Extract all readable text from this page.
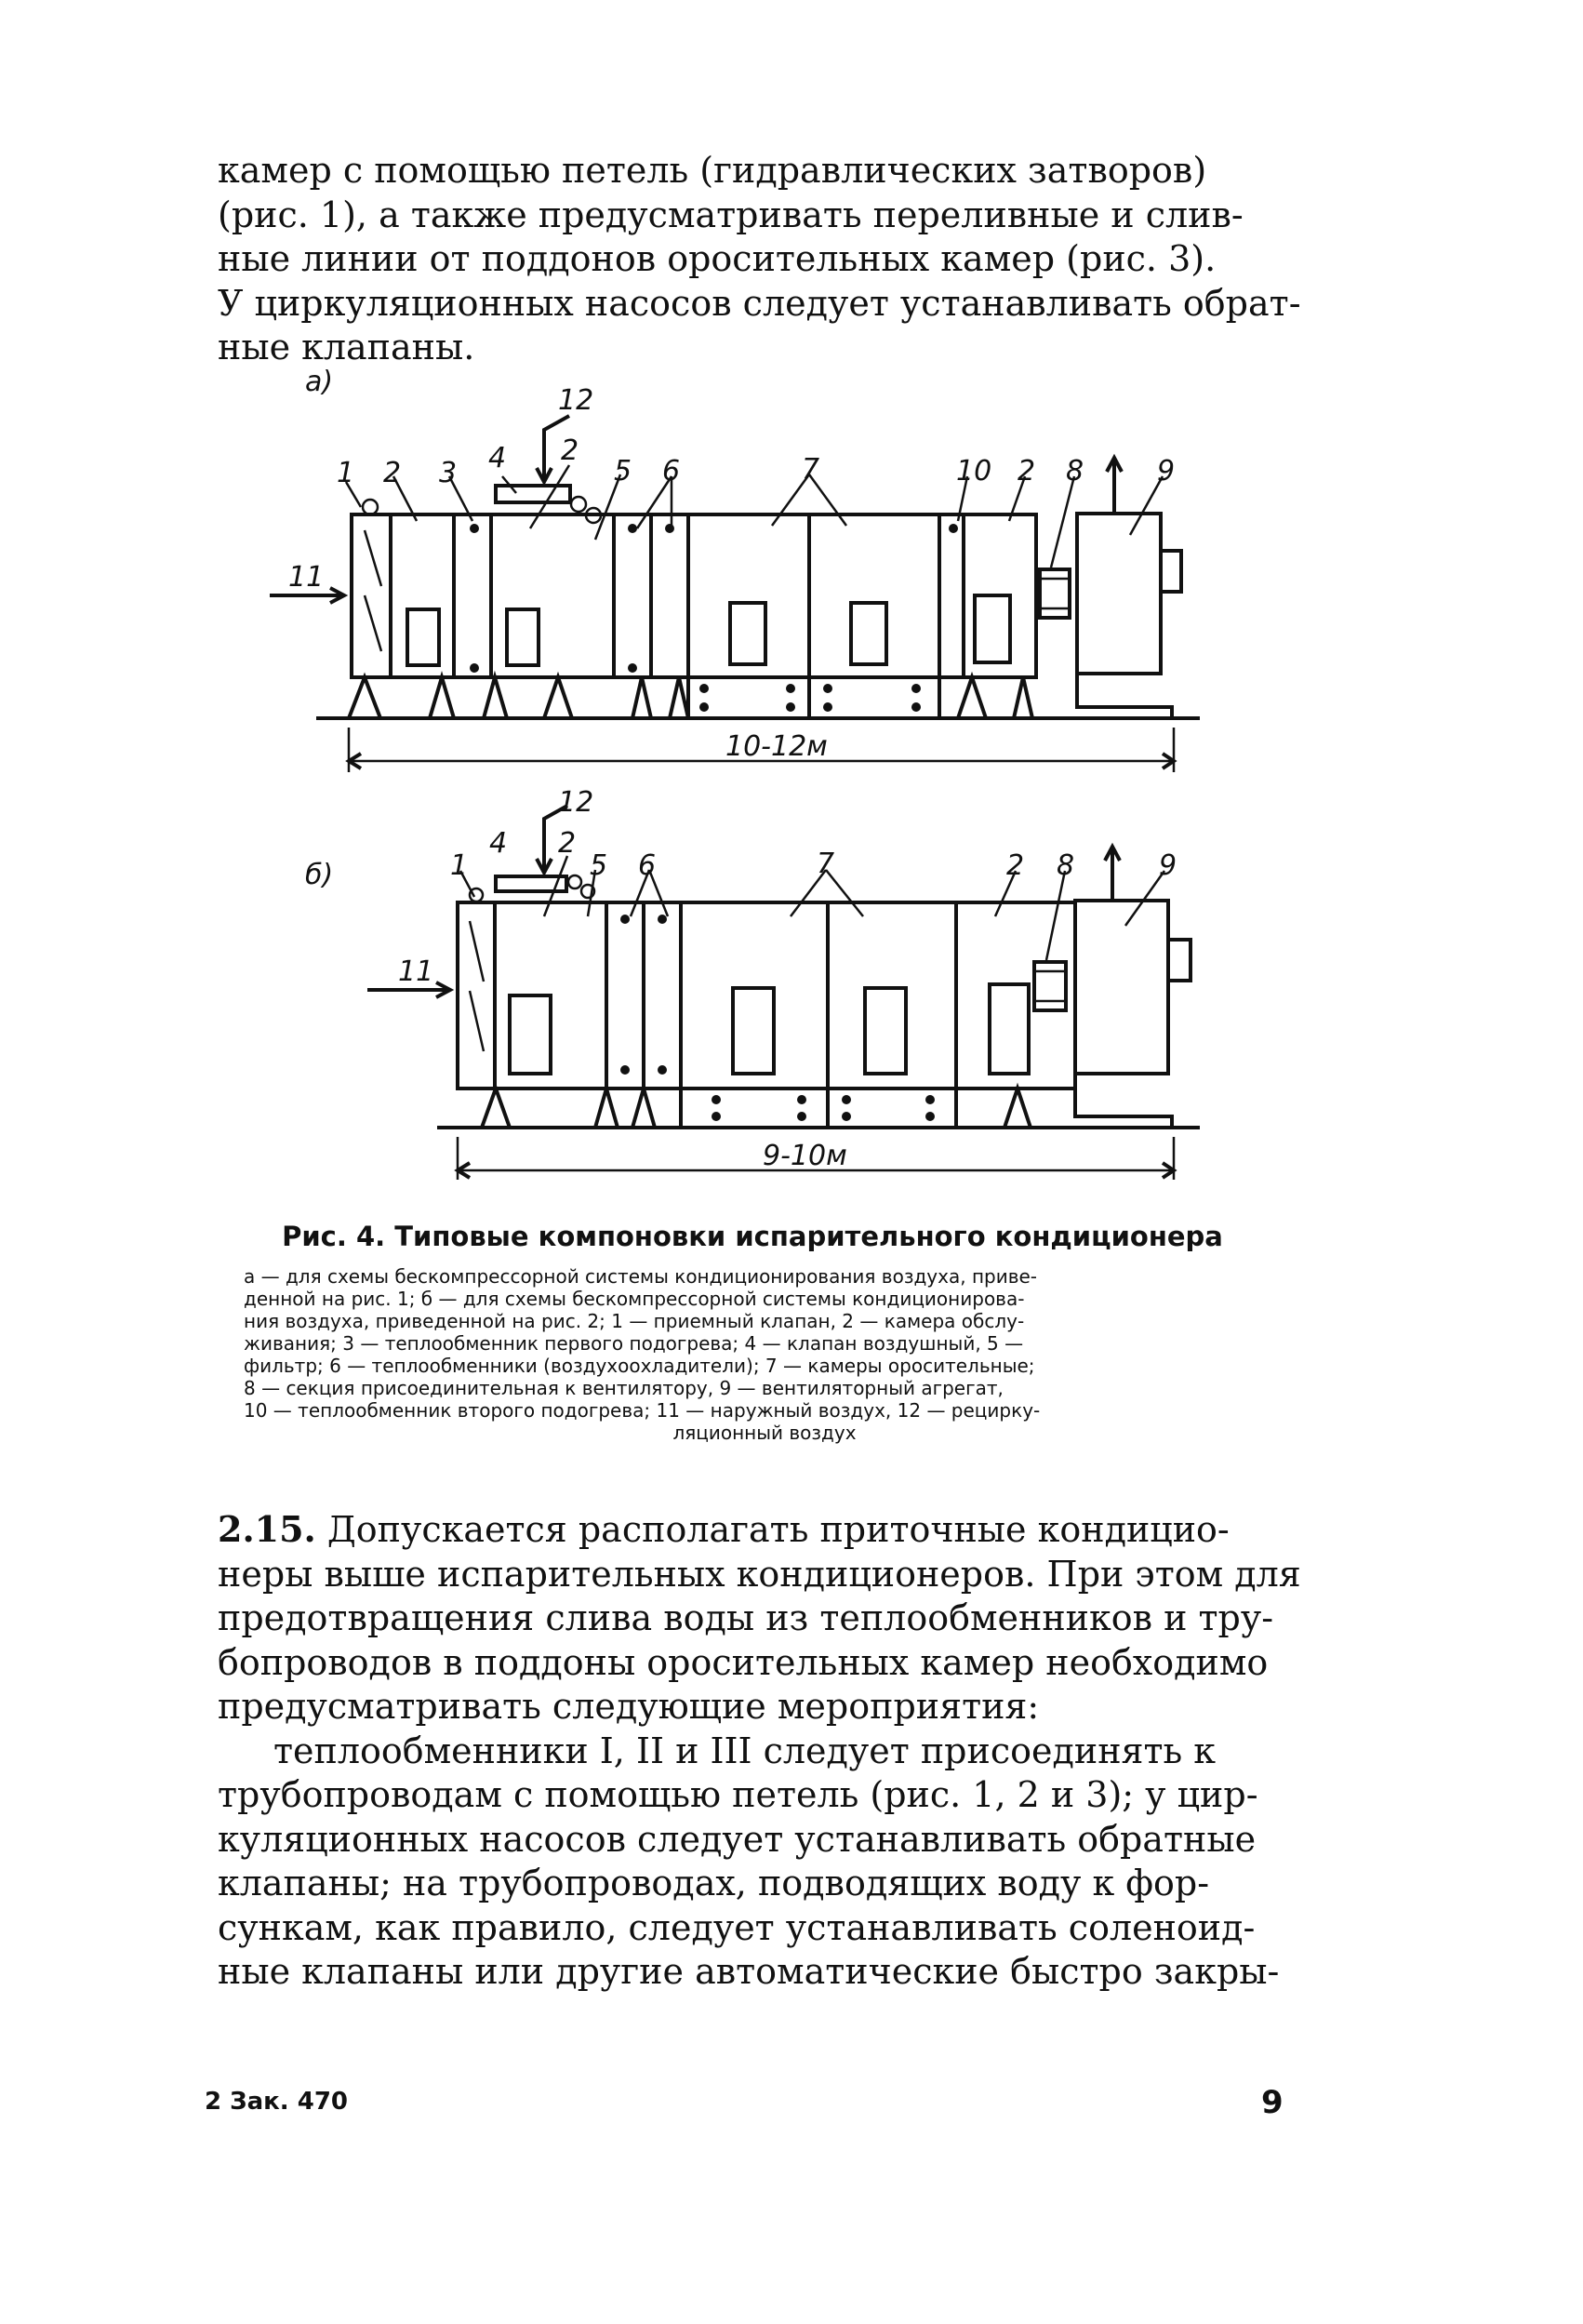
камер с помощью петель (гидравлических затворов)
(рис. 1), а также предусматривать переливные и слив-
ные линии от поддонов оросительных камер (рис. 3).
У циркуляционных насосов следует устанавливать обрат-
ные клапаны.
а)
10-12м
1 2 3 4 2
5 6	7	10 2 8	9
11
12
б)
9-10м
1
4 2
5 6	7	2 8	9
11
12
Рис. 4. Типовые компоновки испарительного кондиционера
а — для схемы бескомпрессорной системы кондиционирования воздуха, приве-
денной на рис. 1; б — для схемы бескомпрессорной системы кондиционирова-
ния воздуха, приведенной на рис. 2; 1 — приемный клапан, 2 — камера обслу-
живания; 3 — теплообменник первого подогрева; 4 — клапан воздушный, 5 —
фильтр; 6 — теплообменники (воздухоохладители); 7 — камеры оросительные;
8 — секция присоединительная к вентилятору, 9 — вентиляторный агрегат,
10 — теплообменник второго подогрева; 11 — наружный воздух, 12 — рецирку-
ляционный воздух
2.15. Допускается располагать приточные кондицио-
неры выше испарительных кондиционеров. При этом для
предотвращения слива воды из теплообменников и тру-
бопроводов в поддоны оросительных камер необходимо
предусматривать следующие мероприятия:
теплообменники I, II и III следует присоединять к
трубопроводам с помощью петель (рис. 1, 2 и 3); у цир-
куляционных насосов следует устанавливать обратные
клапаны; на трубопроводах, подводящих воду к фор-
сункам, как правило, следует устанавливать соленоид-
ные клапаны или другие автоматические быстро закры-
2 Зак. 470	9
